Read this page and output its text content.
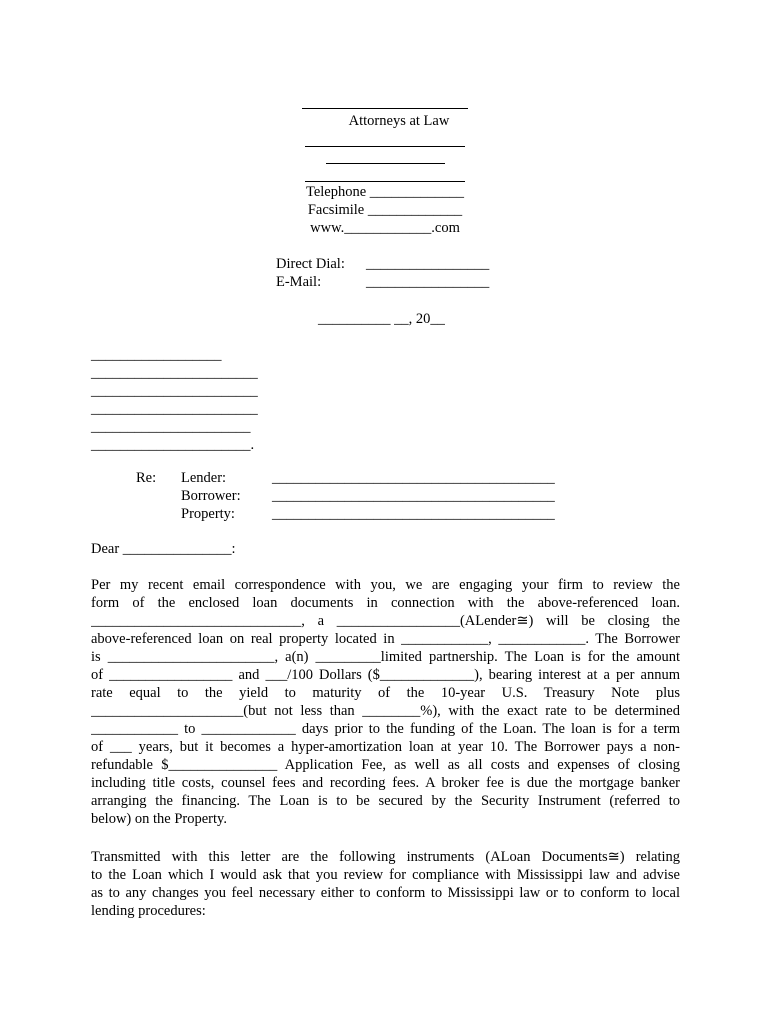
Attorneys at Law
Telephone _____________
Facsimile _____________
www.____________.com
Direct Dial: _________________
E-Mail:	_________________
__________ __, 20__
__________________
_______________________
_______________________
_______________________
______________________
______________________.
Re: Lender:	_______________________________________
Borrower: _______________________________________
Property:	_______________________________________
Dear _______________:
Per my recent email correspondence with you, we are engaging your firm to review the
form of the enclosed loan documents in connection with the above-referenced loan.
_____________________________, a _________________(ALender≅) will be closing the
above-referenced loan on real property located in ____________, ____________. The Borrower
is _______________________, a(n) _________limited partnership. The Loan is for the amount
of _________________ and ___/100 Dollars ($_____________), bearing interest at a per annum
rate equal to the yield to maturity of the 10-year U.S. Treasury Note plus
_____________________(but not less than ________%), with the exact rate to be determined
____________ to _____________ days prior to the funding of the Loan. The loan is for a term
of ___ years, but it becomes a hyper-amortization loan at year 10. The Borrower pays a non-
refundable $_______________ Application Fee, as well as all costs and expenses of closing
including title costs, counsel fees and recording fees. A broker fee is due the mortgage banker
arranging the financing. The Loan is to be secured by the Security Instrument (referred to
below) on the Property.
Transmitted with this letter are the following instruments (ALoan Documents≅) relating
to the Loan which I would ask that you review for compliance with Mississippi law and advise
as to any changes you feel necessary either to conform to Mississippi law or to conform to local
lending procedures:
